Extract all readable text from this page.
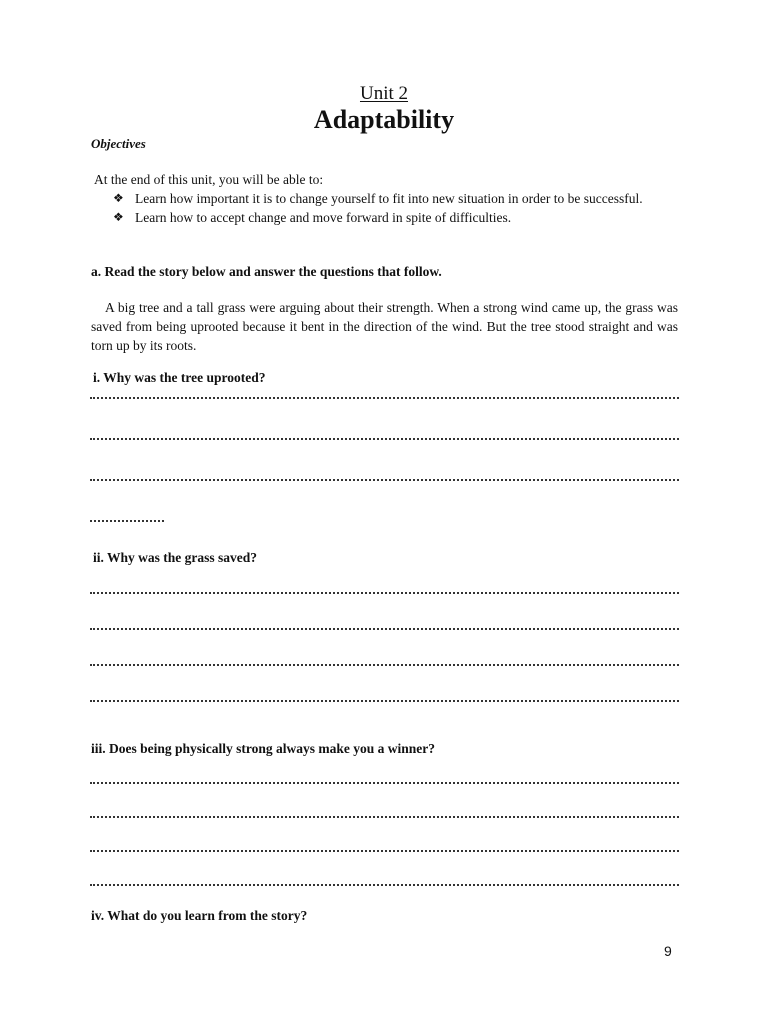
Unit 2
Adaptability
Objectives
At the end of this unit, you will be able to:
❖ Learn how important it is to change yourself to fit into new situation in order to be successful.
❖ Learn how to accept change and move forward in spite of difficulties.
a. Read the story below and answer the questions that follow.

A big tree and a tall grass were arguing about their strength. When a strong wind came up, the grass was saved from being uprooted because it bent in the direction of the wind. But the tree stood straight and was torn up by its roots.

i. Why was the tree uprooted?
ii. Why was the grass saved?
iii. Does being physically strong always make you a winner?
iv. What do you learn from the story?
9
